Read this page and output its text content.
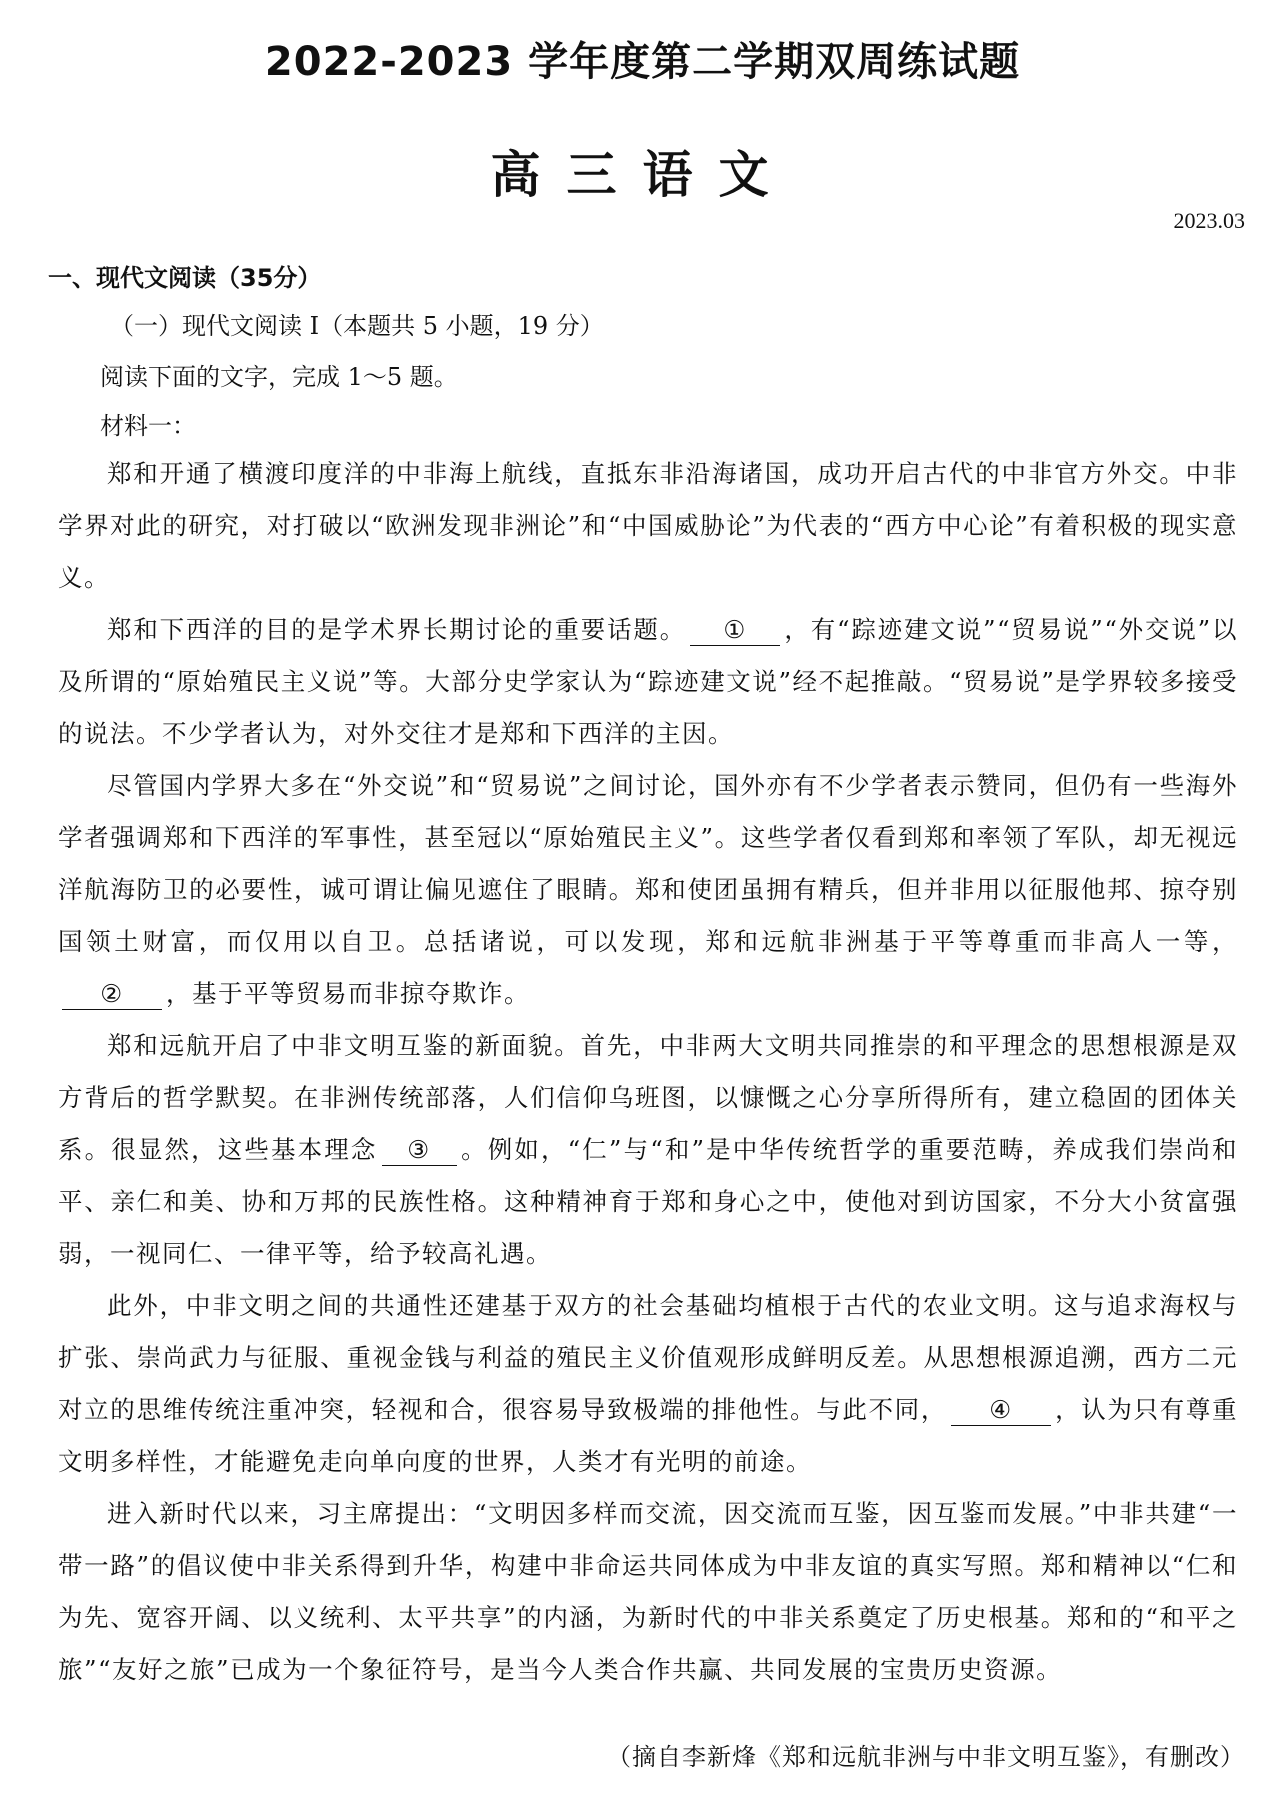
2022-2023 学年度第二学期双周练试题
高三语文
2023.03
一、现代文阅读（35分）
（一）现代文阅读 I（本题共 5 小题，19 分）
阅读下面的文字，完成 1～5 题。
材料一：

郑和开通了横渡印度洋的中非海上航线，直抵东非沿海诸国，成功开启古代的中非官方外交。中非学界对此的研究，对打破以“欧洲发现非洲论”和“中国威胁论”为代表的“西方中心论”有着积极的现实意义。

郑和下西洋的目的是学术界长期讨论的重要话题。 ① ，有“踪迹建文说”“贸易说”“外交说”以及所谓的“原始殖民主义说”等。大部分史学家认为“踪迹建文说”经不起推敲。“贸易说”是学界较多接受的说法。不少学者认为，对外交往才是郑和下西洋的主因。

尽管国内学界大多在“外交说”和“贸易说”之间讨论，国外亦有不少学者表示赞同，但仍有一些海外学者强调郑和下西洋的军事性，甚至冠以“原始殖民主义”。这些学者仅看到郑和率领了军队，却无视远洋航海防卫的必要性，诚可谓让偏见遮住了眼睛。郑和使团虽拥有精兵，但并非用以征服他邦、掠夺别国领土财富，而仅用以自卫。总括诸说，可以发现，郑和远航非洲基于平等尊重而非高人一等，② ，基于平等贸易而非掠夺欺诈。

郑和远航开启了中非文明互鉴的新面貌。首先，中非两大文明共同推崇的和平理念的思想根源是双方背后的哲学默契。在非洲传统部落，人们信仰乌班图，以慷慨之心分享所得所有，建立稳固的团体关系。很显然，这些基本理念 ③ 。例如，“仁”与“和”是中华传统哲学的重要范畴，养成我们崇尚和平、亲仁和美、协和万邦的民族性格。这种精神育于郑和身心之中，使他对到访国家，不分大小贫富强弱，一视同仁、一律平等，给予较高礼遇。

此外，中非文明之间的共通性还建基于双方的社会基础均植根于古代的农业文明。这与追求海权与扩张、崇尚武力与征服、重视金钱与利益的殖民主义价值观形成鲜明反差。从思想根源追溯，西方二元对立的思维传统注重冲突，轻视和合，很容易导致极端的排他性。与此不同， ④ ，认为只有尊重文明多样性，才能避免走向单向度的世界，人类才有光明的前途。

进入新时代以来，习主席提出：“文明因多样而交流，因交流而互鉴，因互鉴而发展。”中非共建“一带一路”的倡议使中非关系得到升华，构建中非命运共同体成为中非友谊的真实写照。郑和精神以“仁和为先、宽容开阔、以义统利、太平共享”的内涵，为新时代的中非关系奠定了历史根基。郑和的“和平之旅”“友好之旅”已成为一个象征符号，是当今人类合作共赢、共同发展的宝贵历史资源。

（摘自李新烽《郑和远航非洲与中非文明互鉴》，有删改）
